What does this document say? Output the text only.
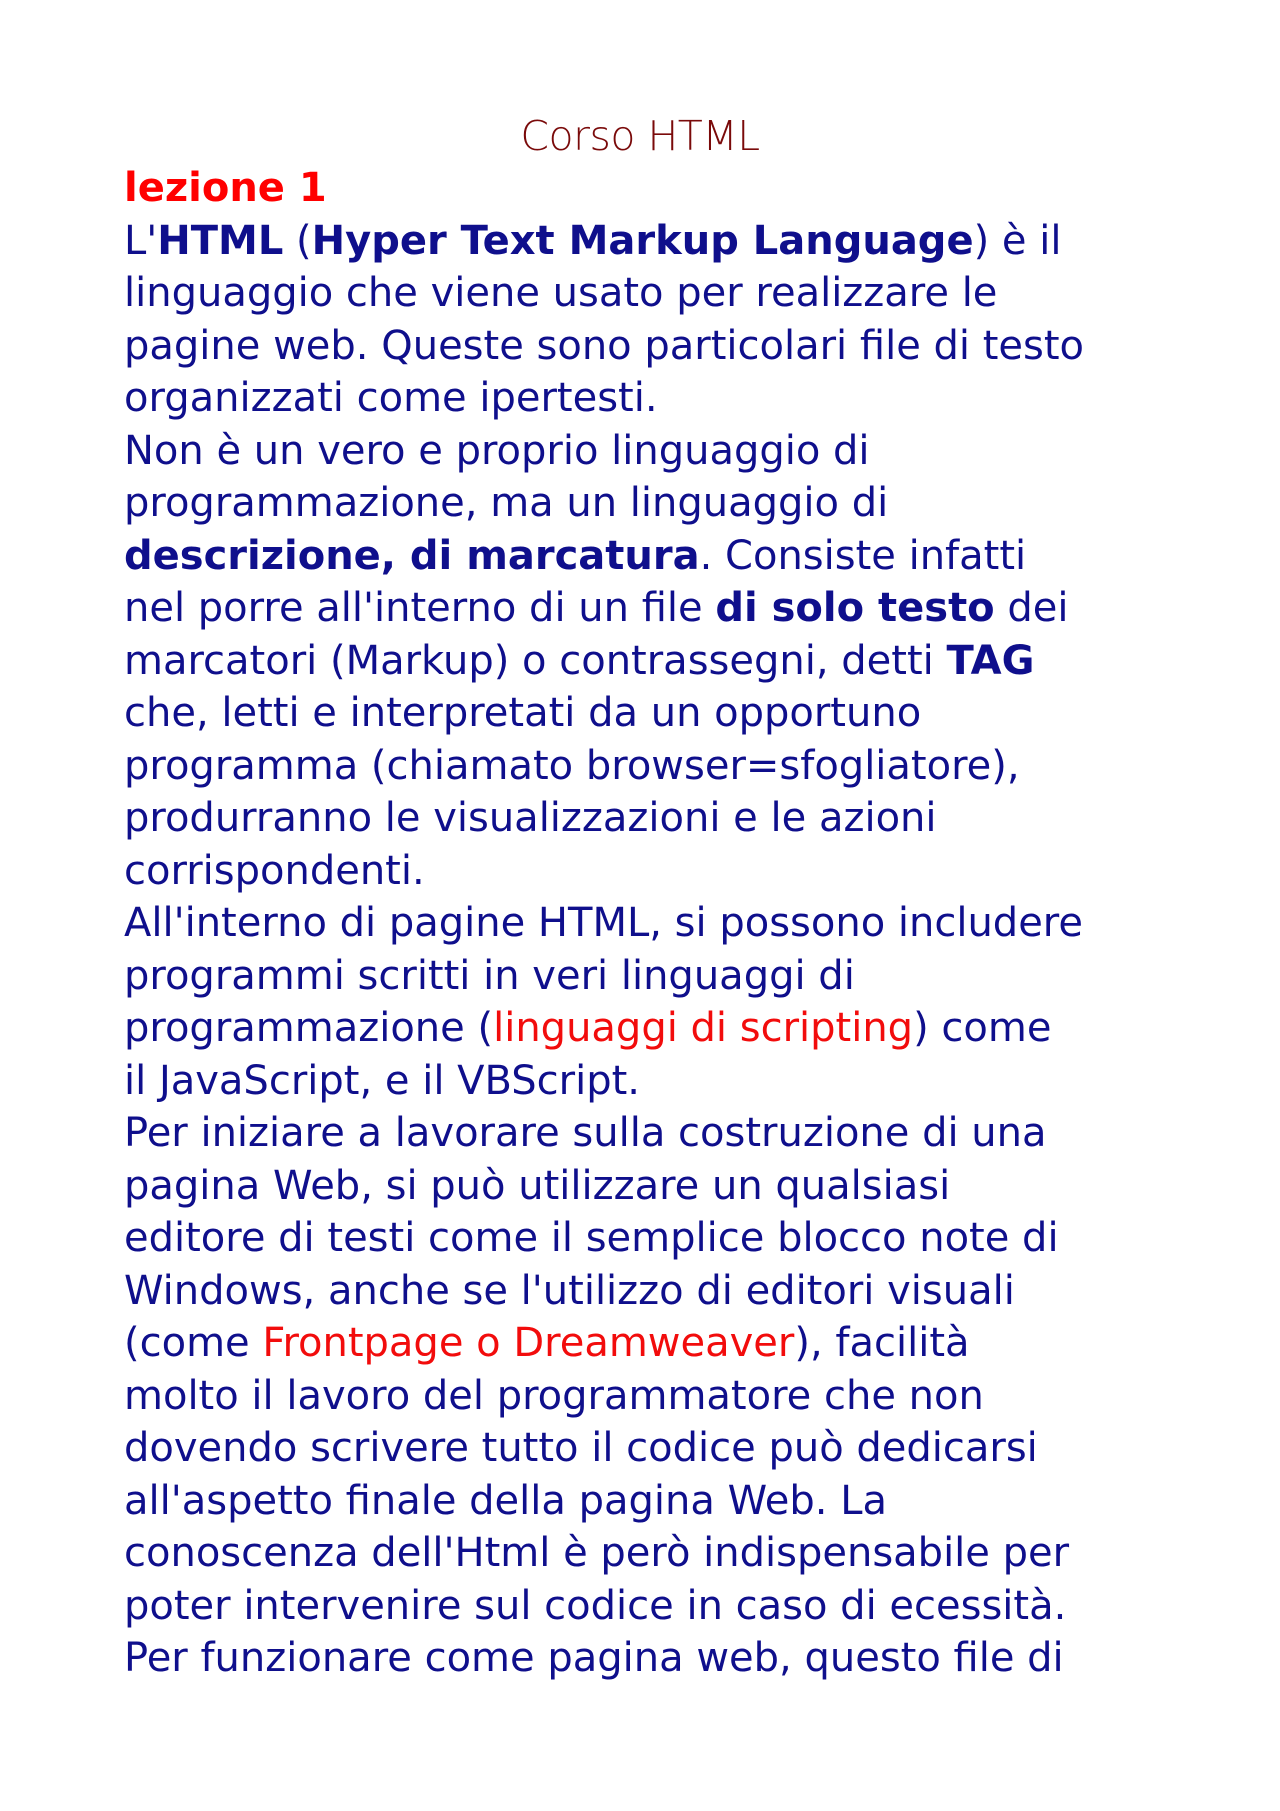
Corso HTML
lezione 1
L'HTML (Hyper Text Markup Language) è il
linguaggio che viene usato per realizzare le
pagine web. Queste sono particolari file di testo
organizzati come ipertesti.
Non è un vero e proprio linguaggio di
programmazione, ma un linguaggio di
descrizione, di marcatura. Consiste infatti
nel porre all'interno di un file di solo testo dei
marcatori (Markup) o contrassegni, detti TAG
che, letti e interpretati da un opportuno
programma (chiamato browser=sfogliatore),
produrranno le visualizzazioni e le azioni
corrispondenti.
All'interno di pagine HTML, si possono includere
programmi scritti in veri linguaggi di
programmazione (linguaggi di scripting) come
il JavaScript, e il VBScript.
Per iniziare a lavorare sulla costruzione di una
pagina Web, si può utilizzare un qualsiasi
editore di testi come il semplice blocco note di
Windows, anche se l'utilizzo di editori visuali
(come Frontpage o Dreamweaver), facilità
molto il lavoro del programmatore che non
dovendo scrivere tutto il codice può dedicarsi
all'aspetto finale della pagina Web. La
conoscenza dell'Html è però indispensabile per
poter intervenire sul codice in caso di ecessità.
Per funzionare come pagina web, questo file di
